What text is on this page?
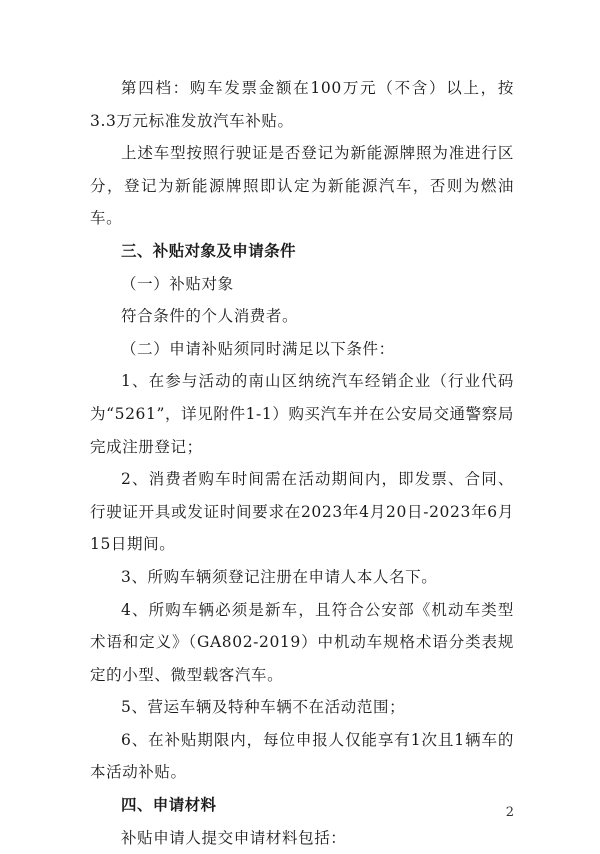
第四档：购车发票金额在100万元（不含）以上，按3.3万元标准发放汽车补贴。

上述车型按照行驶证是否登记为新能源牌照为准进行区分，登记为新能源牌照即认定为新能源汽车，否则为燃油车。

三、补贴对象及申请条件

（一）补贴对象

符合条件的个人消费者。

（二）申请补贴须同时满足以下条件：

1、在参与活动的南山区纳统汽车经销企业（行业代码为“5261”，详见附件1-1）购买汽车并在公安局交通警察局完成注册登记；

2、消费者购车时间需在活动期间内，即发票、合同、行驶证开具或发证时间要求在2023年4月20日-2023年6月15日期间。

3、所购车辆须登记注册在申请人本人名下。

4、所购车辆必须是新车，且符合公安部《机动车类型术语和定义》（GA802-2019）中机动车规格术语分类表规定的小型、微型载客汽车。

5、营运车辆及特种车辆不在活动范围；

6、在补贴期限内，每位申报人仅能享有1次且1辆车的本活动补贴。

四、申请材料

补贴申请人提交申请材料包括：

2
